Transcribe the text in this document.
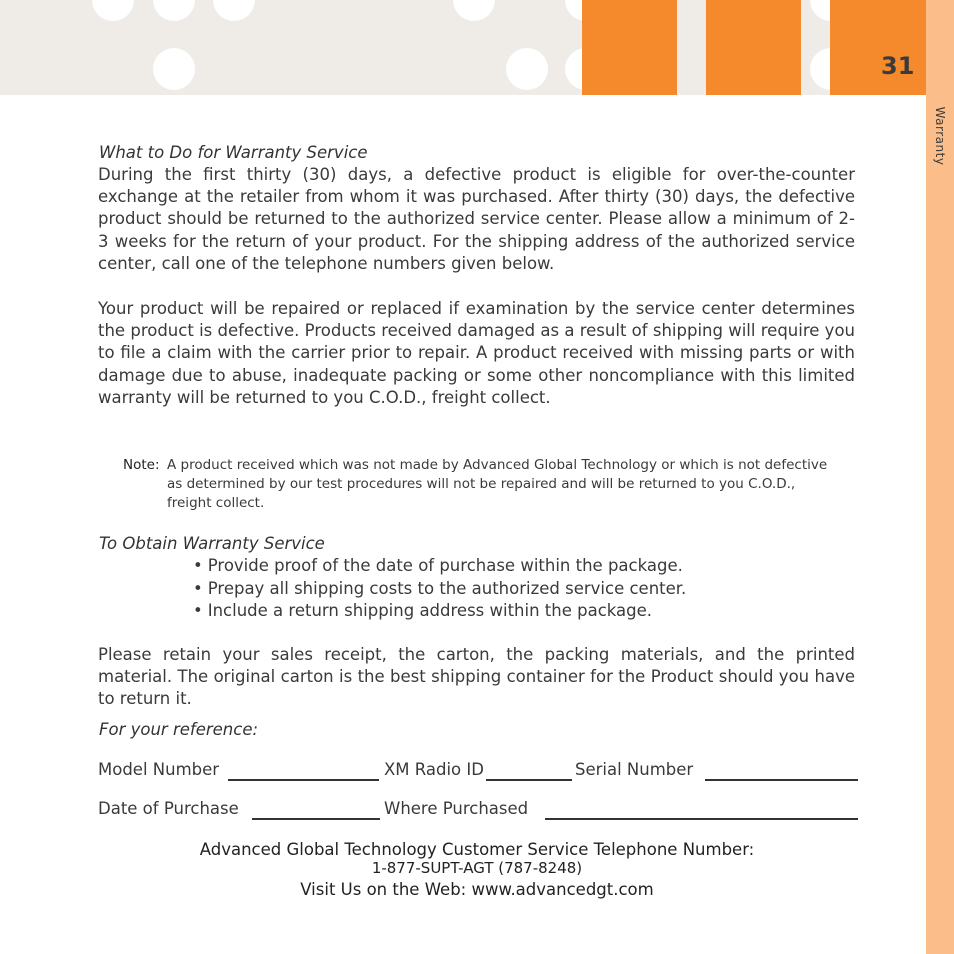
31
Warranty
What to Do for Warranty Service
During the first thirty (30) days, a defective product is eligible for over-the-counter exchange at the retailer from whom it was purchased. After thirty (30) days, the defective product should be returned to the authorized service center. Please allow a minimum of 2-3 weeks for the return of your product. For the shipping address of the authorized service center, call one of the telephone numbers given below.
Your product will be repaired or replaced if examination by the service center determines the product is defective. Products received damaged as a result of shipping will require you to file a claim with the carrier prior to repair. A product received with missing parts or with damage due to abuse, inadequate packing or some other noncompliance with this limited warranty will be returned to you C.O.D., freight collect.
Note: A product received which was not made by Advanced Global Technology or which is not defective as determined by our test procedures will not be repaired and will be returned to you C.O.D., freight collect.
To Obtain Warranty Service
• Provide proof of the date of purchase within the package.
• Prepay all shipping costs to the authorized service center.
• Include a return shipping address within the package.
Please retain your sales receipt, the carton, the packing materials, and the printed material. The original carton is the best shipping container for the Product should you have to return it.
For your reference:
Model Number	XM Radio ID	Serial Number
Date of Purchase	Where Purchased
Advanced Global Technology Customer Service Telephone Number:
1-877-SUPT-AGT (787-8248)
Visit Us on the Web: www.advancedgt.com
